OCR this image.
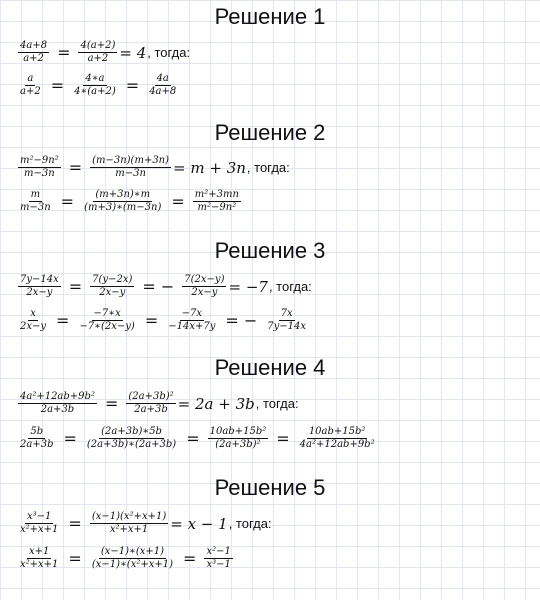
Решение 1
$\frac{4a+8}{a+2} = \frac{4(a+2)}{a+2} = 4$ , тогда:
$\frac{a}{a+2} = \frac{4∗a}{4∗(a+2)} = \frac{4a}{4a+8}$
Решение 2
$\frac{\text{m²−9n²}}{m-3n} = \frac{(m-3n)(m+3n)}{m-3n} = m + 3n$ , тогда:
$\frac{m}{m-3n} = \frac{(m+3n)∗m}{(m+3)∗(m-3n)} = \frac{\text{m²+3mn}}{\text{m²−9n²}}$
Решение 3
$\frac{7y-14x}{2x-y} = \frac{7(y-2x)}{2x-y}$ = − $\frac{7(2x-y)}{2x-y} = -7$ , тогда:
$\frac{x}{2x-y} = \frac{-7∗x}{-7∗(2x-y)} = \frac{-7x}{-14x+7y}$ = − $\frac{7x}{7y-14x}$
Решение 4
$\frac{\text{4a²+12ab+9b²}}{2a+3b} = \frac{\text{(2a+3b)²}}{2a+3b} = 2a + 3b$ , тогда:
$\frac{5b}{2a+3b} = \frac{(2a+3b)∗5b}{(2a+3b)∗(2a+3b)} = \frac{\text{10ab+15b²}}{\text{(2a+3b)²}} = \frac{\text{10ab+15b²}}{\text{4a²+12ab+9b²}}$
Решение 5
$\frac{\text{x³−1}}{\text{x²+x+1}} = \frac{\text{(x−1)(x²+x+1)}}{\text{x²+x+1}} = x - 1$ , тогда:
$\frac{x+1}{\text{x²+x+1}} = \frac{(x-1)∗(x+1)}{\text{(x−1)∗(x²+x+1)}} = \frac{\text{x²−1}}{\text{x³−1}}$
